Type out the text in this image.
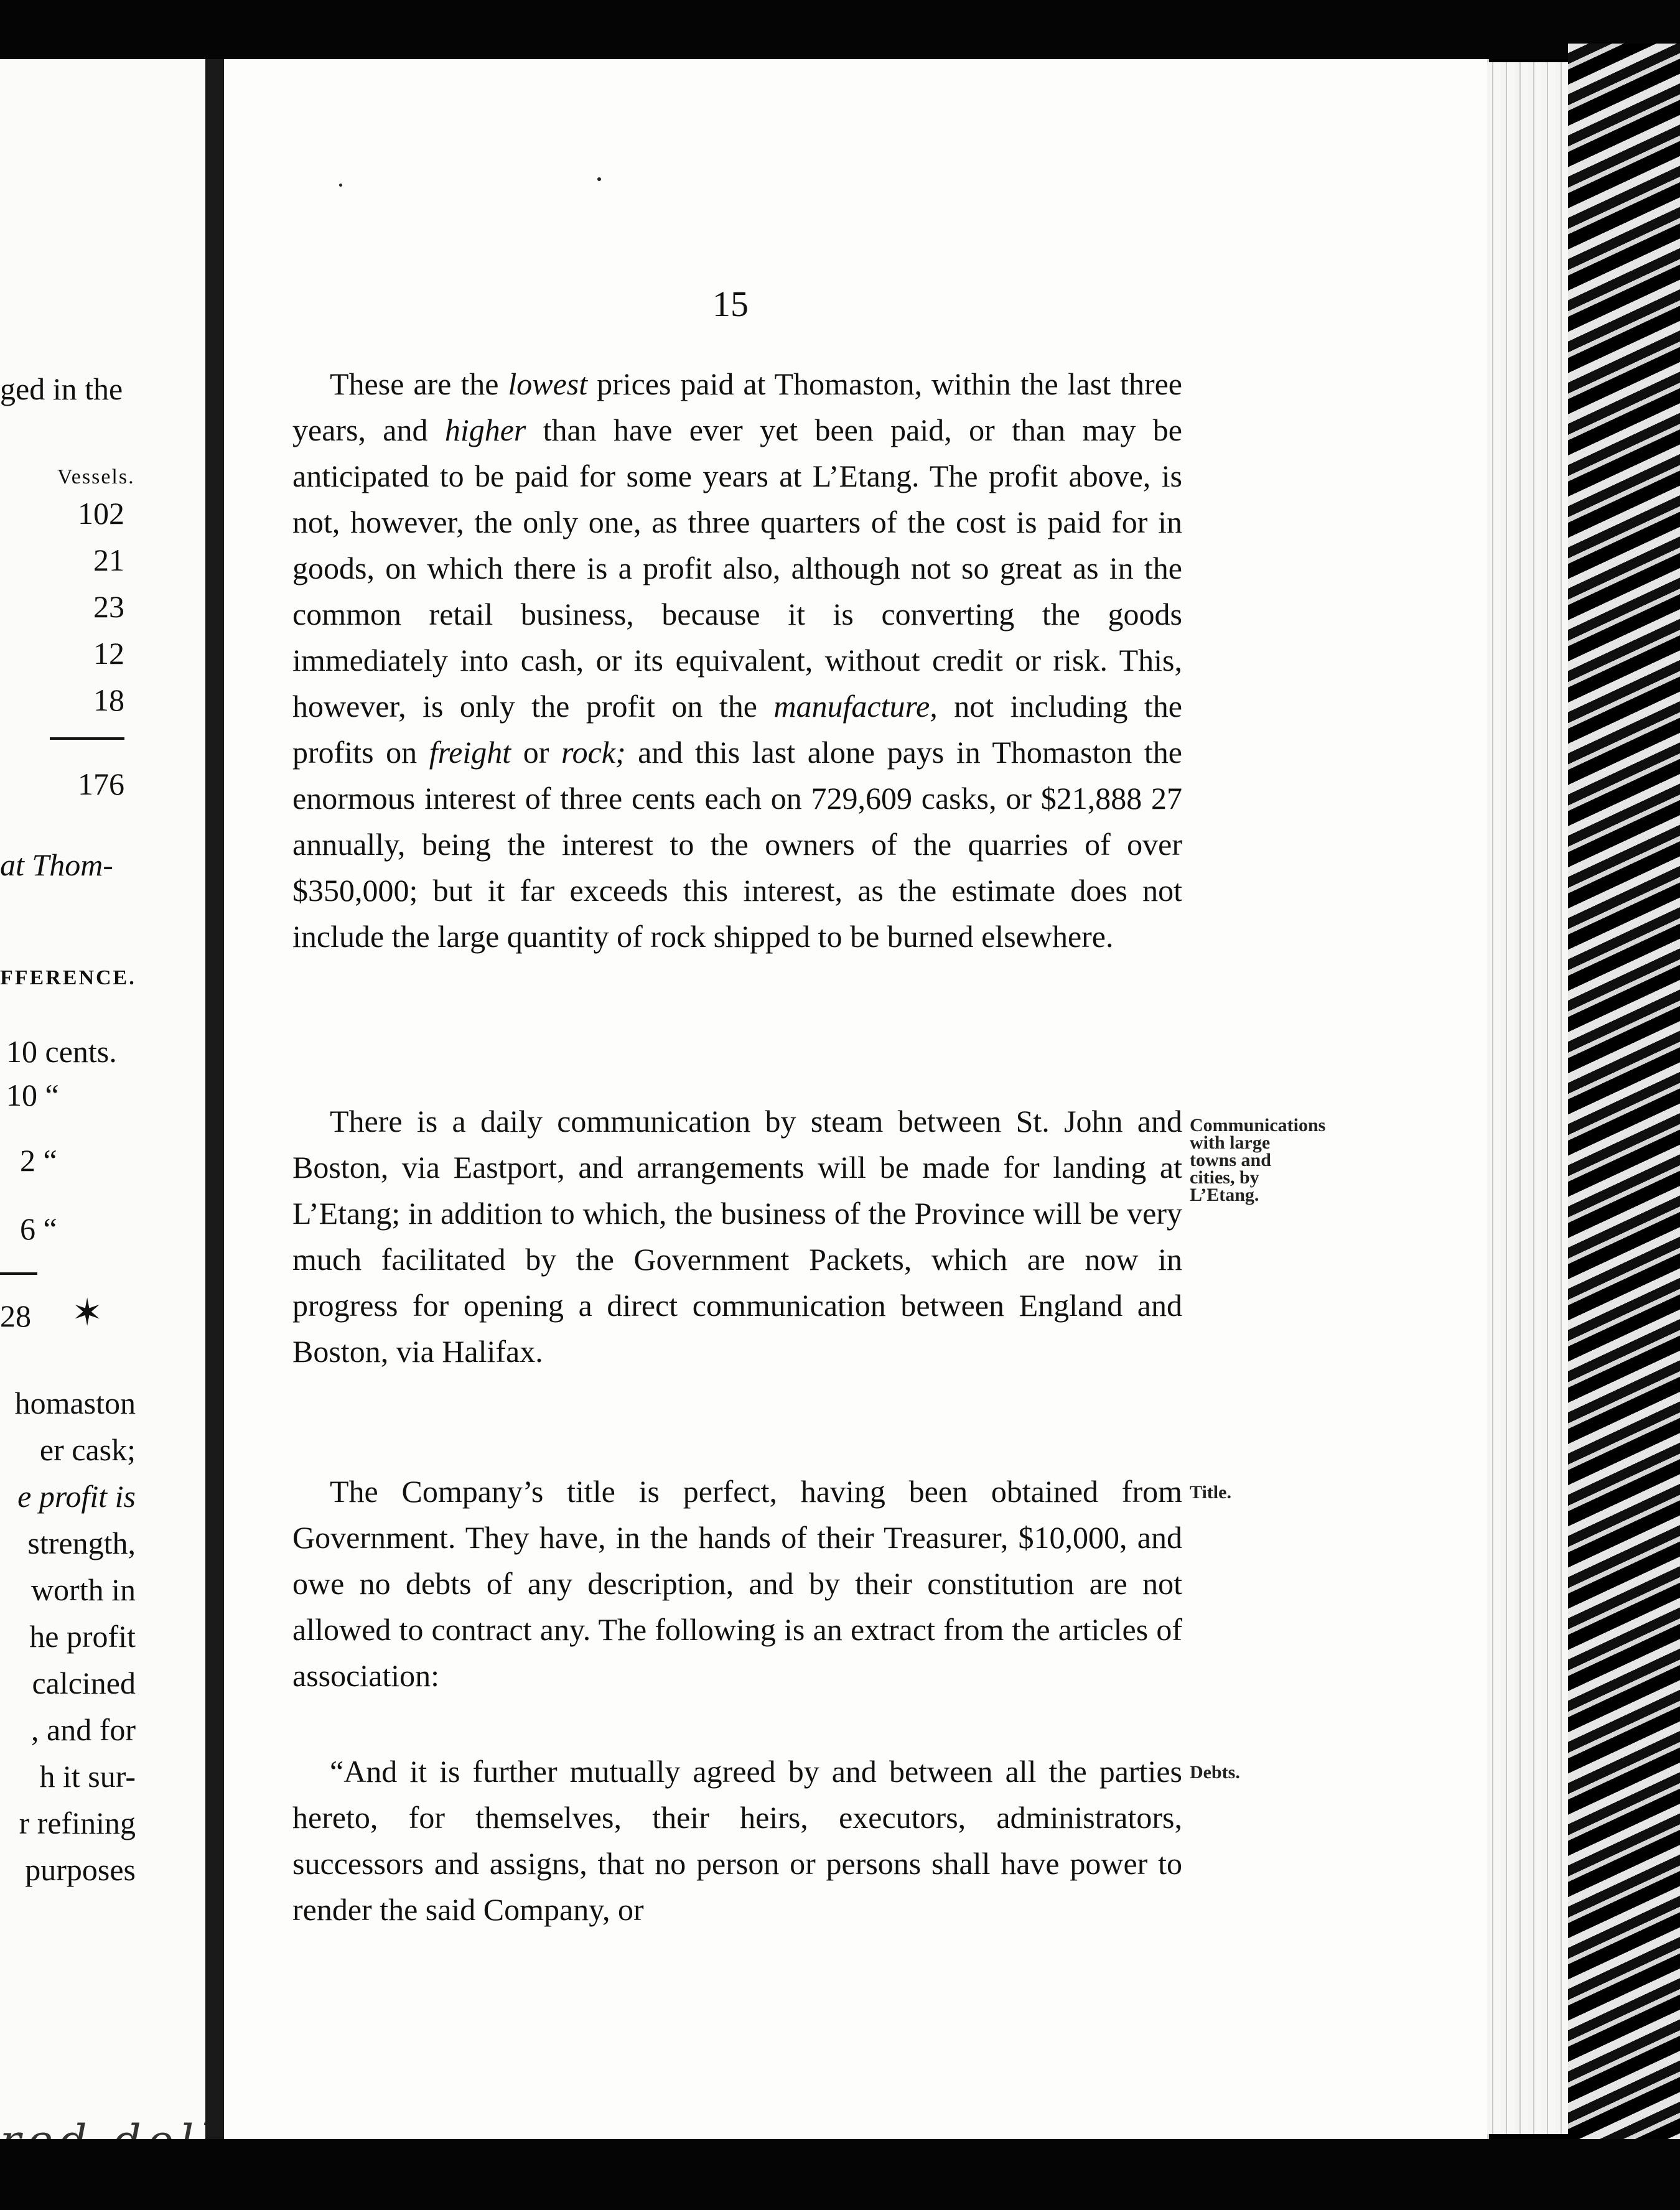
ged in the
Vessels.
102
21
23
12
18
176
at Thom-
FFERENCE.
10 cents.
10 “
2 “
6 “
28 ✶
homaston
er cask;
e profit is
strength,
worth in
he profit
calcined
, and for
h it sur-
r refining
purposes
15

These are the lowest prices paid at Thomaston, within the last three years, and higher than have ever yet been paid, or than may be anticipated to be paid for some years at L’Etang. The profit above, is not, however, the only one, as three quarters of the cost is paid for in goods, on which there is a profit also, although not so great as in the common retail business, because it is converting the goods immediately into cash, or its equivalent, without credit or risk. This, however, is only the profit on the manufacture, not including the profits on freight or rock; and this last alone pays in Thomaston the enormous interest of three cents each on 729,609 casks, or $21,888 27 annually, being the interest to the owners of the quarries of over $350,000; but it far exceeds this interest, as the estimate does not include the large quantity of rock shipped to be burned elsewhere.

There is a daily communication by steam between St. John and Boston, via Eastport, and arrangements will be made for landing at L’Etang; in addition to which, the business of the Province will be very much facilitated by the Government Packets, which are now in progress for opening a direct communication between England and Boston, via Halifax.

The Company’s title is perfect, having been obtained from Government. They have, in the hands of their Treasurer, $10,000, and owe no debts of any description, and by their constitution are not allowed to contract any. The following is an extract from the articles of association:

“And it is further mutually agreed by and between all the parties hereto, for themselves, their heirs, executors, administrators, successors and assigns, that no person or persons shall have power to render the said Company, or

Communications with large towns and cities, by L’Etang.
Title.
Debts.
